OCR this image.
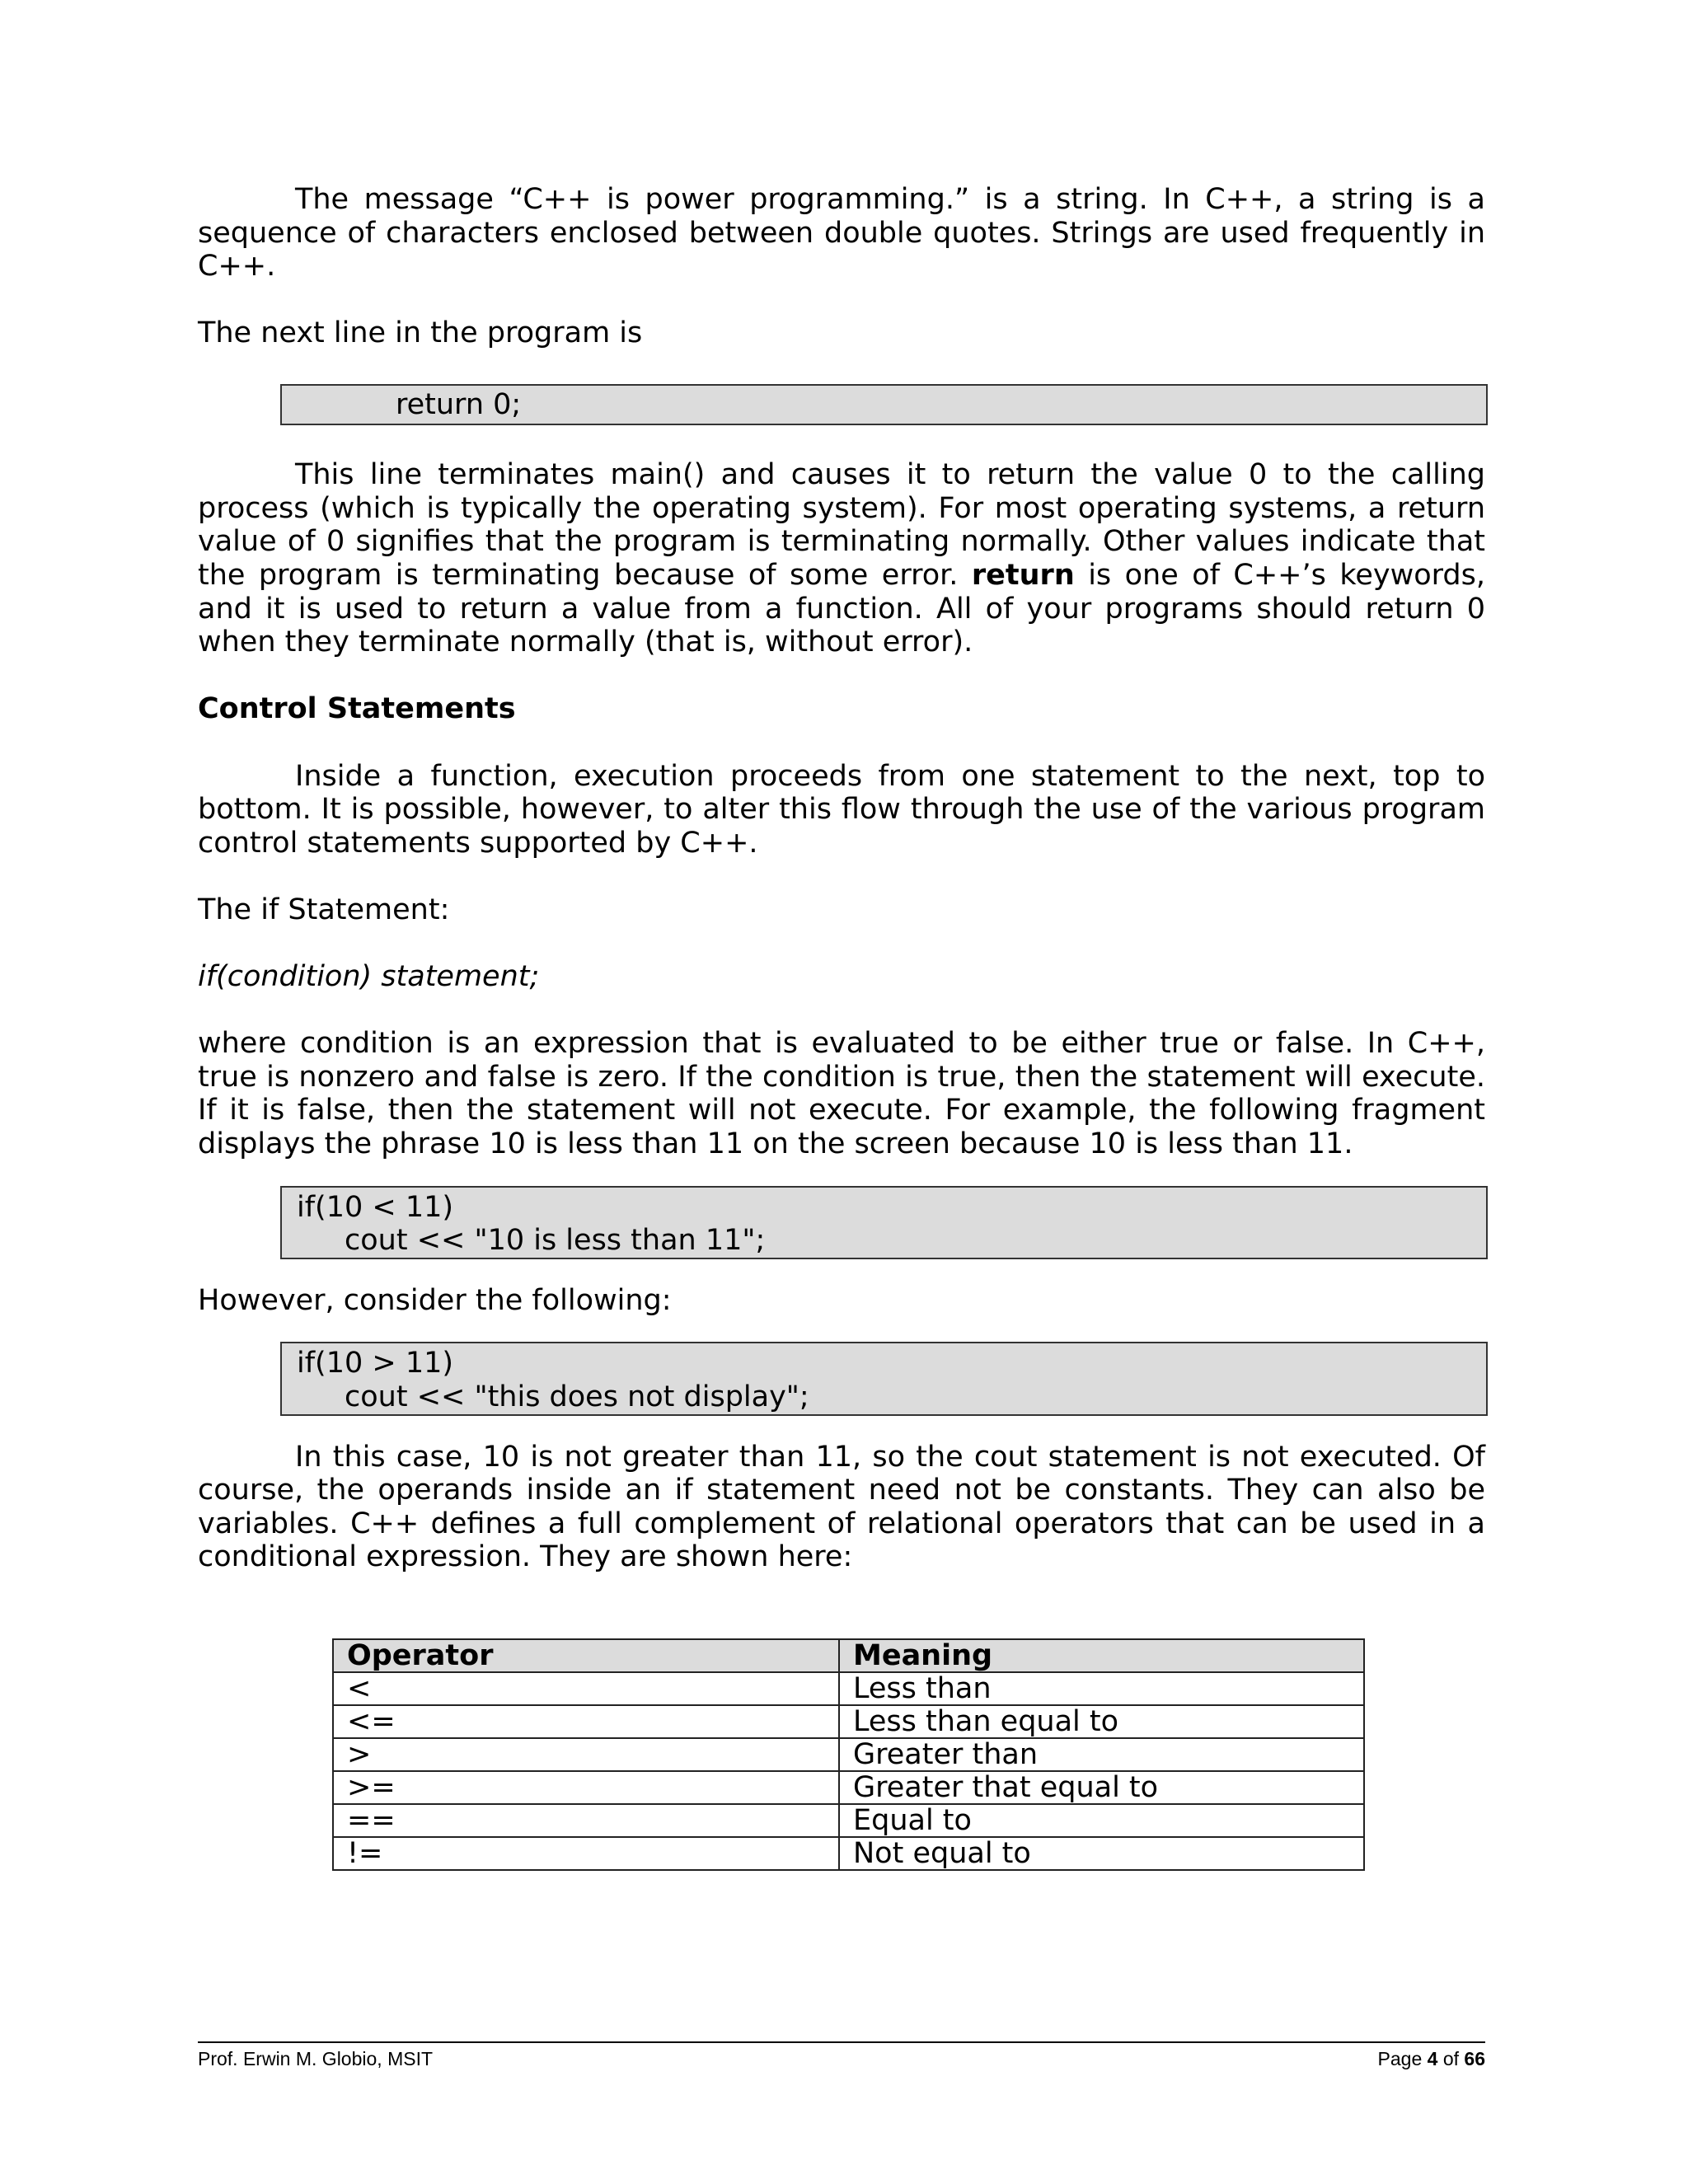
The message “C++ is power programming.” is a string. In C++, a string is a sequence of characters enclosed between double quotes. Strings are used frequently in C++.

The next line in the program is

return 0;

This line terminates main() and causes it to return the value 0 to the calling process (which is typically the operating system). For most operating systems, a return value of 0 signifies that the program is terminating normally. Other values indicate that the program is terminating because of some error. return is one of C++’s keywords, and it is used to return a value from a function. All of your programs should return 0 when they terminate normally (that is, without error).

Control Statements

Inside a function, execution proceeds from one statement to the next, top to bottom. It is possible, however, to alter this flow through the use of the various program control statements supported by C++.

The if Statement:

if(condition) statement;

where condition is an expression that is evaluated to be either true or false. In C++, true is nonzero and false is zero. If the condition is true, then the statement will execute. If it is false, then the statement will not execute. For example, the following fragment displays the phrase 10 is less than 11 on the screen because 10 is less than 11.

if(10 < 11)
cout << "10 is less than 11";

However, consider the following:

if(10 > 11)
cout << "this does not display";

In this case, 10 is not greater than 11, so the cout statement is not executed. Of course, the operands inside an if statement need not be constants. They can also be variables. C++ defines a full complement of relational operators that can be used in a conditional expression. They are shown here:

Operator	Meaning
<	Less than
<=	Less than equal to
>	Greater than
>=	Greater that equal to
==	Equal to
!=	Not equal to
Prof. Erwin M. Globio, MSIT	Page 4 of 66
